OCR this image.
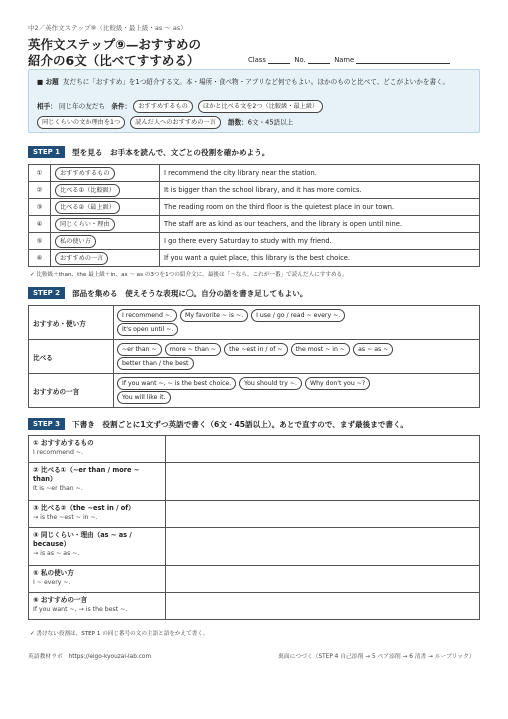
中2／英作文ステップ⑨（比較級・最上級・as ～ as）
英作文ステップ⑨—おすすめの
紹介の6文（比べてすすめる）	Class	No.	Name
■ お題 友だちに「おすすめ」を1つ紹介する文。本・場所・食べ物・アプリなど何でもよい。ほかのものと比べて、どこがよいかを書く。
相手： 同じ年の友だち 条件： おすすめするもの ほかと比べる文を2つ（比較級・最上級）
同じくらいの文か理由を1つ 読んだ人へのおすすめの一言 語数：6文・45語以上
STEP 1	型を見る　お手本を読んで、文ごとの役割を確かめよう。
①	おすすめするもの	I recommend the city library near the station.
②	比べる①（比較級）	It is bigger than the school library, and it has more comics.
③	比べる②（最上級）	The reading room on the third floor is the quietest place in our town.
④	同じくらい・理由	The staff are as kind as our teachers, and the library is open until nine.
⑤	私の使い方	I go there every Saturday to study with my friend.
⑥	おすすめの一言	If you want a quiet place, this library is the best choice.
✓ 比較級＋than、the 最上級＋in、as ～ as の3つを1つの紹介文に。最後は「～なら、これが一番」で読んだ人にすすめる。
STEP 2	部品を集める　使えそうな表現に〇。自分の語を書き足してもよい。
おすすめ・使い方	I recommend ~. My favorite ~ is ~. I use / go / read ~ every ~.
It's open until ~.
比べる	~er than ~ more ~ than ~ the ~est in / of ~ the most ~ in ~ as ~ as ~
better than / the best
おすすめの一言	If you want ~, ~ is the best choice. You should try ~. Why don't you ~?
You will like it.
STEP 3	下書き　役割ごとに1文ずつ英語で書く（6文・45語以上）。あとで直すので、まず最後まで書く。
① おすすめするもの
I recommend ~.	

② 比べる①（~er than / more ~ than）
It is ~er than ~.	

③ 比べる②（the ~est in / of）
→ is the ~est ~ in ~.	

④ 同じくらい・理由（as ~ as / because）
→ is as ~ as ~.	

⑤ 私の使い方
I ~ every ~.	

⑥ おすすめの一言
If you want ~, → is the best ~.	

✓ 書けない役割は、STEP 1 の同じ番号の文の主語と語をかえて書く。
英語教材ラボ　https://eigo-kyouzai-lab.com	裏面につづく（STEP 4 自己添削 → 5 ペア添削 → 6 清書 → ルーブリック）
